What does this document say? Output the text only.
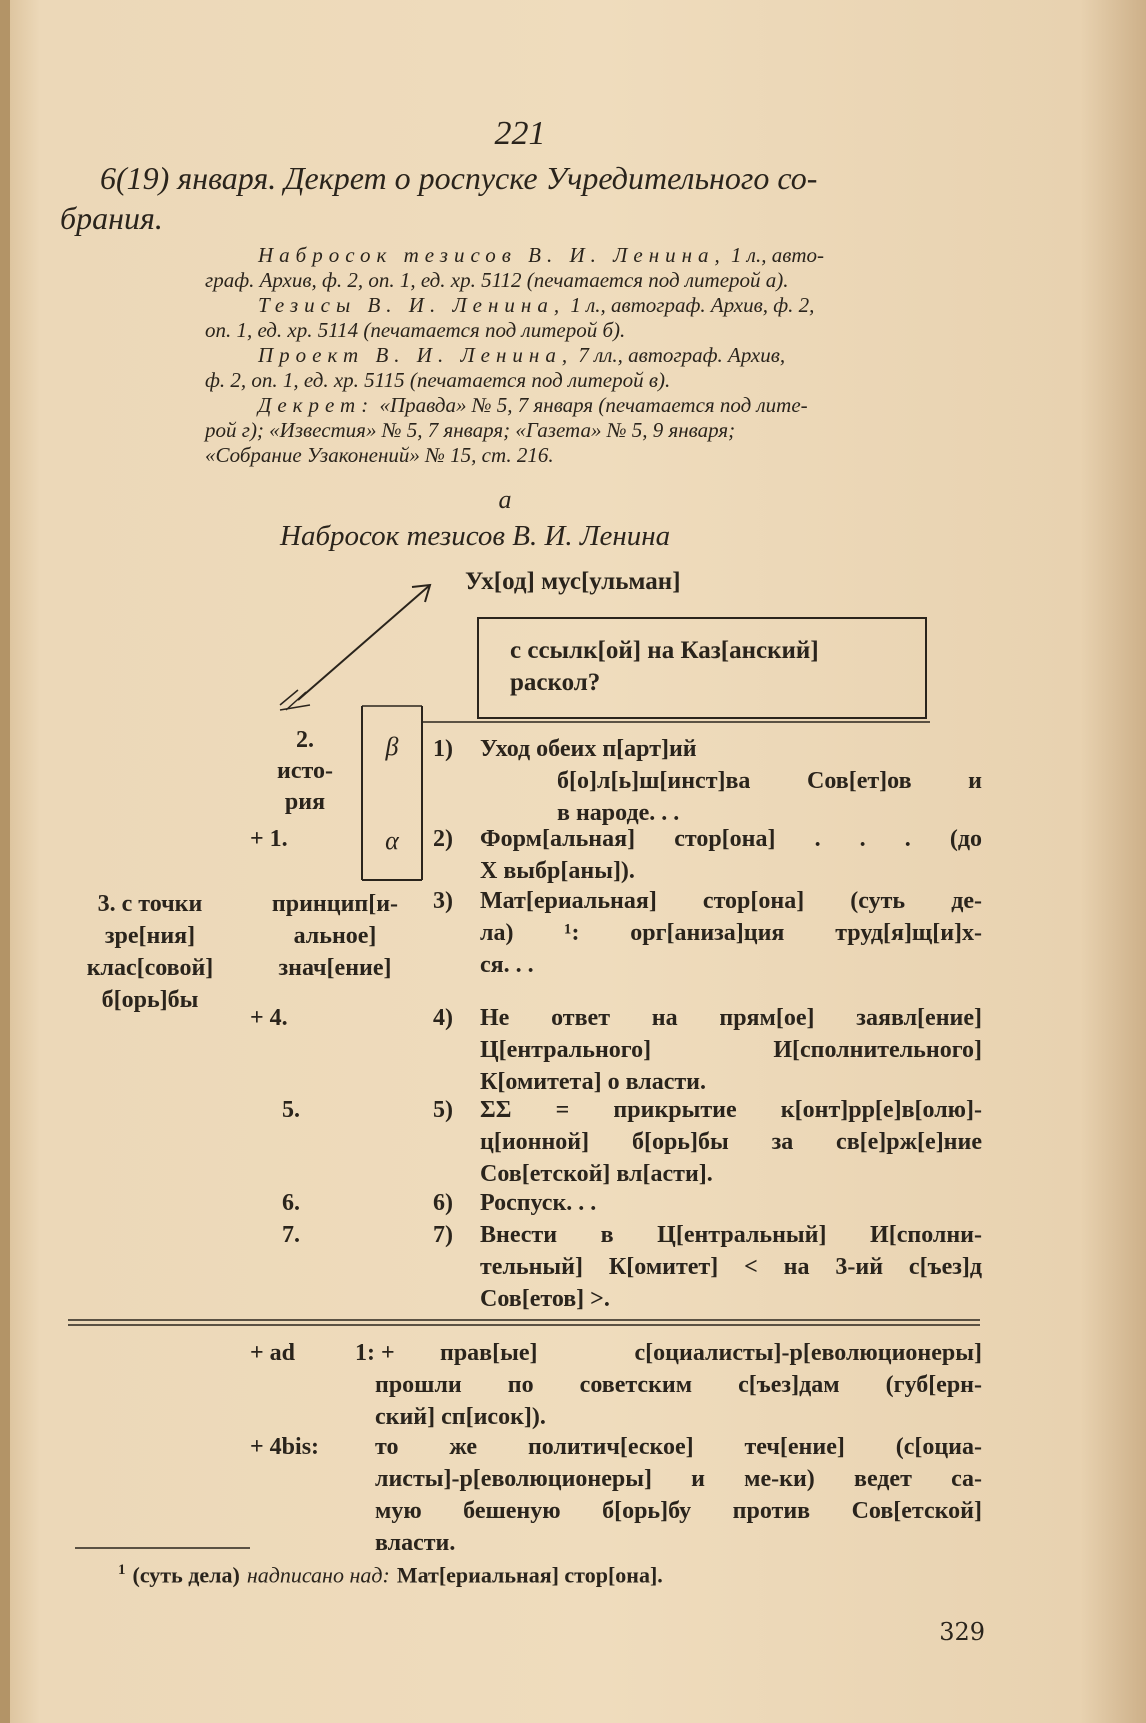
221
6(19) января. Декрет о роспуске Учредительного со-
брания.
Набросок тезисов В. И. Ленина, 1 л., авто-
граф. Архив, ф. 2, оп. 1, ед. хр. 5112 (печатается под литерой а).
Тезисы В. И. Ленина, 1 л., автограф. Архив, ф. 2,
оп. 1, ед. хр. 5114 (печатается под литерой б).
Проект В. И. Ленина, 7 лл., автограф. Архив,
ф. 2, оп. 1, ед. хр. 5115 (печатается под литерой в).
Декрет: «Правда» № 5, 7 января (печатается под лите-
рой г); «Известия» № 5, 7 января; «Газета» № 5, 9 января;
«Собрание Узаконений» № 15, ст. 216.
а
Набросок тезисов В. И. Ленина
Ух[од] мус[ульман]
с ссылк[ой] на Каз[анский]
раскол?
2.
исто-
рия
β
+ 1.	α
3. с точки
зре[ния]
клас[совой]
б[орь]бы
принцип[и-
альное]
знач[ение]
+ 4.
5.
6.
7.
1) Уход обеих п[арт]ий
б[о]л[ь]ш[инст]ва Сов[ет]ов и
в народе. . .
2) Форм[альная] стор[она] . . . (до
X выбр[аны]).
3) Мат[ериальная] стор[она] (суть де-
ла) ¹: орг[аниза]ция труд[я]щ[и]х-
ся. . .
4) Не ответ на прям[ое] заявл[ение]
Ц[ентрального] И[сполнительного]
К[омитета] о власти.
5) ΣΣ = прикрытие к[онт]рр[е]в[олю]-
ц[ионной] б[орь]бы за св[е]рж[е]ние
Сов[етской] вл[асти].
6) Роспуск. . .
7) Внести в Ц[ентральный] И[сполни-
тельный] К[омитет] < на 3-ий с[ъез]д
Сов[етов] >.
+ ad 1: + прав[ые] с[оциалисты]-р[еволюционеры]
прошли по советским с[ъез]дам (губ[ерн-
ский] сп[исок]).
+ 4bis: то же политич[еское] теч[ение] (с[оциа-
листы]-р[еволюционеры] и ме-ки) ведет са-
мую бешеную б[орь]бу против Сов[етской]
власти.
$^1$ (суть дела) надписано над: Мат[ериальная] стор[она].
329
